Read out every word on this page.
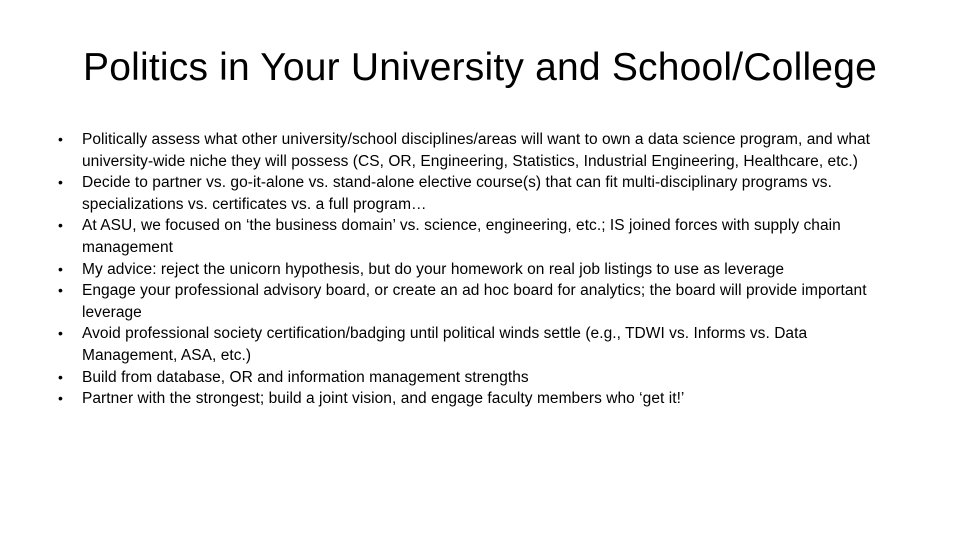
Politics in Your University and School/College
•	Politically assess what other university/school disciplines/areas will want to own a data science program, and what university-wide niche they will possess (CS, OR, Engineering, Statistics, Industrial Engineering, Healthcare, etc.)
•	Decide to partner vs. go-it-alone vs. stand-alone elective course(s) that can fit multi-disciplinary programs vs. specializations vs. certificates vs. a full program…
•	At ASU, we focused on ‘the business domain’ vs. science, engineering, etc.; IS joined forces with supply chain management
•	My advice: reject the unicorn hypothesis, but do your homework on real job listings to use as leverage
•	Engage your professional advisory board, or create an ad hoc board for analytics; the board will provide important leverage
•	Avoid professional society certification/badging until political winds settle (e.g., TDWI vs. Informs vs. Data Management, ASA, etc.)
•	Build from database, OR and information management strengths
•	Partner with the strongest; build a joint vision, and engage faculty members who ‘get it!’
